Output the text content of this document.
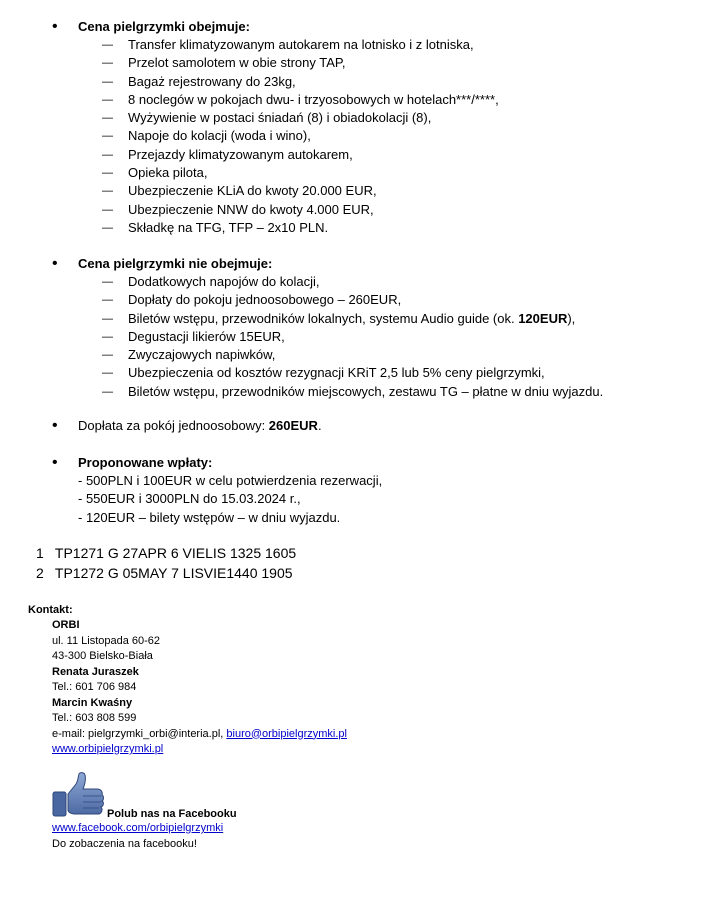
• Cena pielgrzymki obejmuje:
— Transfer klimatyzowanym autokarem na lotnisko i z lotniska,
— Przelot samolotem w obie strony TAP,
— Bagaż rejestrowany do 23kg,
— 8 noclegów w pokojach dwu- i trzyosobowych w hotelach***/****,
— Wyżywienie w postaci śniadań (8) i obiadokolacji (8),
— Napoje do kolacji (woda i wino),
— Przejazdy klimatyzowanym autokarem,
— Opieka pilota,
— Ubezpieczenie KLiA do kwoty 20.000 EUR,
— Ubezpieczenie NNW do kwoty 4.000 EUR,
— Składkę na TFG, TFP – 2x10 PLN.
• Cena pielgrzymki nie obejmuje:
— Dodatkowych napojów do kolacji,
— Dopłaty do pokoju jednoosobowego – 260EUR,
— Biletów wstępu, przewodników lokalnych, systemu Audio guide (ok. 120EUR),
— Degustacji likierów 15EUR,
— Zwyczajowych napiwków,
— Ubezpieczenia od kosztów rezygnacji KRiT 2,5 lub 5% ceny pielgrzymki,
— Biletów wstępu, przewodników miejscowych, zestawu TG – płatne w dniu wyjazdu.
• Dopłata za pokój jednoosobowy: 260EUR.
• Proponowane wpłaty:
- 500PLN i 100EUR w celu potwierdzenia rezerwacji,
- 550EUR i 3000PLN do 15.03.2024 r.,
- 120EUR – bilety wstępów – w dniu wyjazdu.
1 TP1271 G 27APR 6 VIELIS 1325 1605
2 TP1272 G 05MAY 7 LISVIE1440 1905
Kontakt:
ORBI
ul. 11 Listopada 60-62
43-300 Bielsko-Biała
Renata Juraszek
Tel.: 601 706 984
Marcin Kwaśny
Tel.: 603 808 599
e-mail: pielgrzymki_orbi@interia.pl, biuro@orbipielgrzymki.pl
www.orbipielgrzymki.pl
Polub nas na Facebooku
www.facebook.com/orbipielgrzymki
Do zobaczenia na facebooku!
